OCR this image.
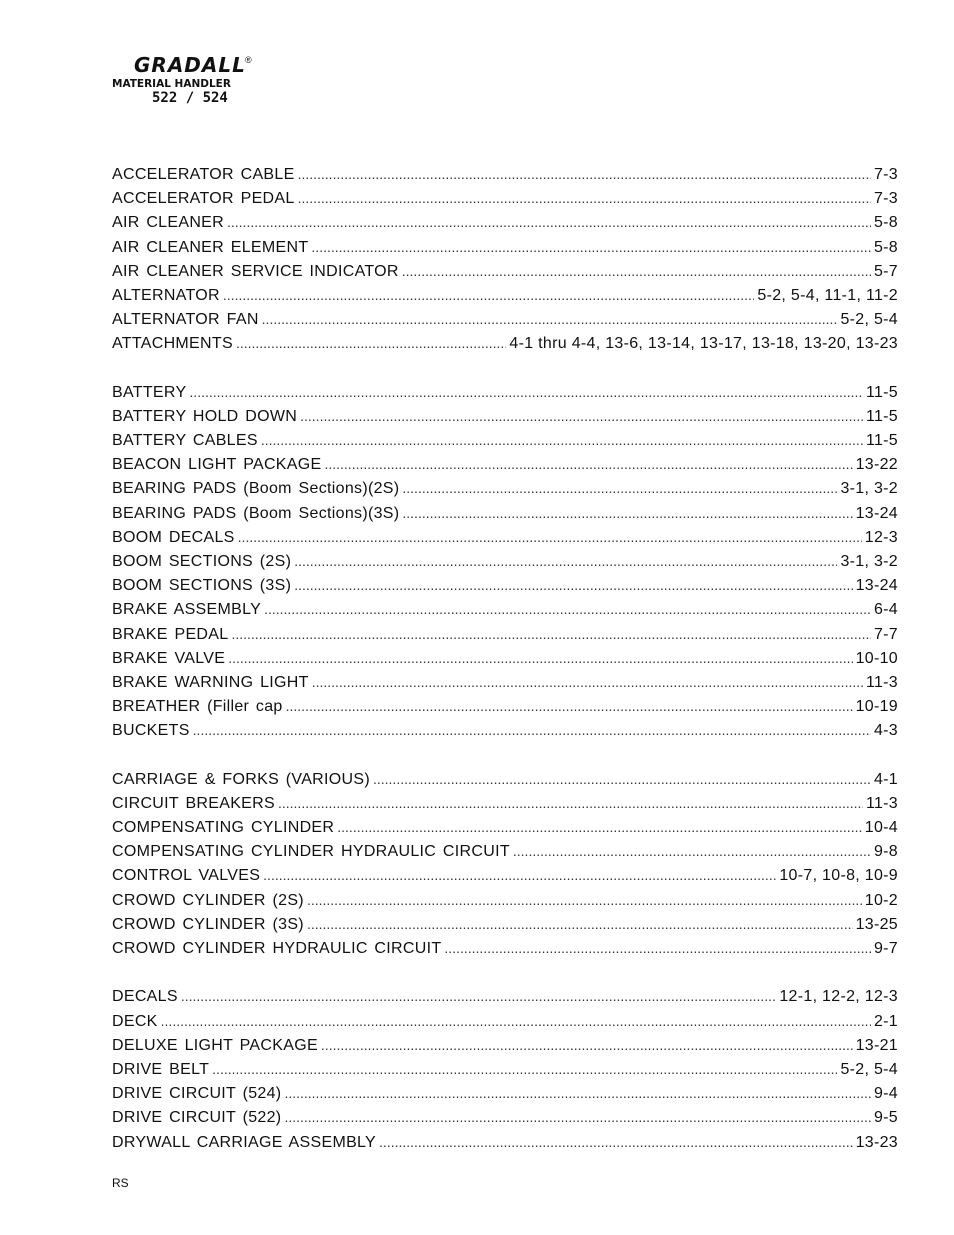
GRADALL ®
MATERIAL HANDLER
522 / 524
ACCELERATOR CABLE .....	7-3
ACCELERATOR PEDAL .....	7-3
AIR CLEANER .....	5-8
AIR CLEANER ELEMENT .....	5-8
AIR CLEANER SERVICE INDICATOR .....	5-7
ALTERNATOR .....	5-2, 5-4, 11-1, 11-2
ALTERNATOR FAN .....	5-2, 5-4
ATTACHMENTS .....	4-1 thru 4-4, 13-6, 13-14, 13-17, 13-18, 13-20, 13-23
BATTERY .....	11-5
BATTERY HOLD DOWN .....	11-5
BATTERY CABLES .....	11-5
BEACON LIGHT PACKAGE .....	13-22
BEARING PADS (Boom Sections)(2S) .....	3-1, 3-2
BEARING PADS (Boom Sections)(3S) .....	13-24
BOOM DECALS .....	12-3
BOOM SECTIONS (2S) .....	3-1, 3-2
BOOM SECTIONS (3S) .....	13-24
BRAKE ASSEMBLY .....	6-4
BRAKE PEDAL .....	7-7
BRAKE VALVE .....	10-10
BRAKE WARNING LIGHT .....	11-3
BREATHER (Filler cap .....	10-19
BUCKETS .....	4-3
CARRIAGE & FORKS (VARIOUS) .....	4-1
CIRCUIT BREAKERS .....	11-3
COMPENSATING CYLINDER .....	10-4
COMPENSATING CYLINDER HYDRAULIC CIRCUIT .....	9-8
CONTROL VALVES .....	10-7, 10-8, 10-9
CROWD CYLINDER (2S) .....	10-2
CROWD CYLINDER (3S) .....	13-25
CROWD CYLINDER HYDRAULIC CIRCUIT .....	9-7
DECALS .....	12-1, 12-2, 12-3
DECK .....	2-1
DELUXE LIGHT PACKAGE .....	13-21
DRIVE BELT .....	5-2, 5-4
DRIVE CIRCUIT (524) .....	9-4
DRIVE CIRCUIT (522) .....	9-5
DRYWALL CARRIAGE ASSEMBLY .....	13-23
RS
